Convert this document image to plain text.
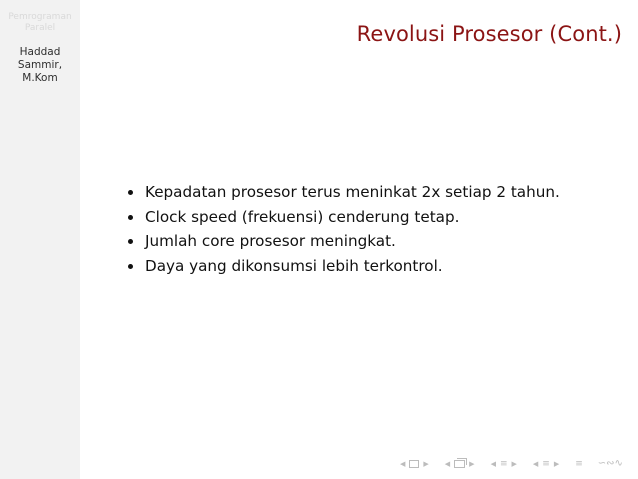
Pemrograman
Paralel
Haddad
Sammir,
M.Kom
Revolusi Prosesor (Cont.)
Kepadatan prosesor terus meninkat 2x setiap 2 tahun.
Clock speed (frekuensi) cenderung tetap.
Jumlah core prosesor meningkat.
Daya yang dikonsumsi lebih terkontrol.
◀	▶ ◀	▶ ◀ ≡ ▶ ◀ ≡ ▶ ≡ ∽∾∿
